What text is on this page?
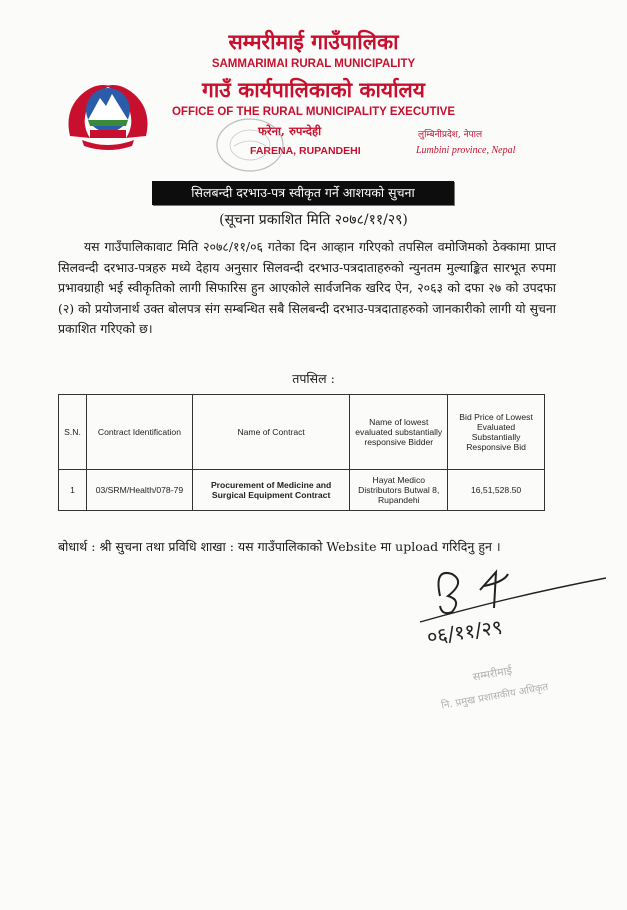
सम्मरीमाई गाउँपालिका
SAMMARIMAI RURAL MUNICIPALITY
गाउँ कार्यपालिकाको कार्यालय
OFFICE OF THE RURAL MUNICIPALITY EXECUTIVE
फरेना, रुपन्देही
FARENA, RUPANDEHI
लुम्बिनीप्रदेश, नेपाल
Lumbini province, Nepal
सिलबन्दी दरभाउ-पत्र स्वीकृत गर्ने आशयको सुचना
(सूचना प्रकाशित मिति २०७८/११/२९)
यस गाउँपालिकावाट मिति २०७८/११/०६ गतेका दिन आव्हान गरिएको तपसिल वमोजिमको ठेक्कामा प्राप्त सिलवन्दी दरभाउ-पत्रहरु मध्ये देहाय अनुसार सिलवन्दी दरभाउ-पत्रदाताहरुको न्युनतम मुल्याङ्कित सारभूत रुपमा प्रभावग्राही भई स्वीकृतिको लागी सिफारिस हुन आएकोले सार्वजनिक खरिद ऐन, २०६३ को दफा २७ को उपदफा (२) को प्रयोजनार्थ उक्त बोलपत्र संग सम्बन्धित सबै सिलबन्दी दरभाउ-पत्रदाताहरुको जानकारीको लागी यो सुचना प्रकाशित गरिएको छ।
तपसिल :
S.N.	Contract Identification	Name of Contract	Name of lowest evaluated substantially responsive Bidder	Bid Price of Lowest Evaluated Substantially Responsive Bid
1	03/SRM/Health/078-79	Procurement of Medicine and Surgical Equipment Contract	Hayat Medico Distributors Butwal 8, Rupandehi	16,51,528.50
बोधार्थ : श्री सुचना तथा प्रविधि शाखा : यस गाउँपालिकाको Website मा upload गरिदिनु हुन ।
०६/११/२९
सम्मरीमाई
नि. प्रमुख प्रशासकीय अधिकृत
